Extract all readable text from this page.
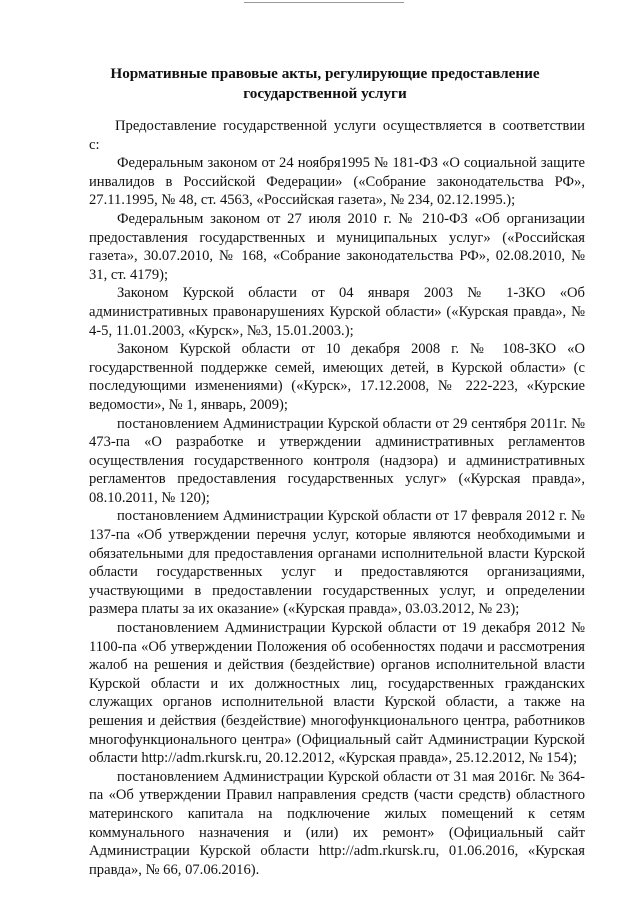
Нормативные правовые акты, регулирующие предоставление
государственной услуги

Предоставление государственной услуги осуществляется в соответствии с:

Федеральным законом от 24 ноября1995 № 181-ФЗ «О социальной защите инвалидов в Российской Федерации» («Собрание законодательства РФ», 27.11.1995, № 48, ст. 4563, «Российская газета», № 234, 02.12.1995.);

Федеральным законом от 27 июля 2010 г. № 210-ФЗ «Об организации предоставления государственных и муниципальных услуг» («Российская газета», 30.07.2010, № 168, «Собрание законодательства РФ», 02.08.2010, № 31, ст. 4179);

Законом Курской области от 04 января 2003 № 1-ЗКО «Об административных правонарушениях Курской области» («Курская правда», № 4-5, 11.01.2003, «Курск», №3, 15.01.2003.);

Законом Курской области от 10 декабря 2008 г. № 108-ЗКО «О государственной поддержке семей, имеющих детей, в Курской области» (с последующими изменениями) («Курск», 17.12.2008, № 222-223, «Курские ведомости», № 1, январь, 2009);

постановлением Администрации Курской области от 29 сентября 2011г. № 473-па «О разработке и утверждении административных регламентов осуществления государственного контроля (надзора) и административных регламентов предоставления государственных услуг» («Курская правда», 08.10.2011, № 120);

постановлением Администрации Курской области от 17 февраля 2012 г. № 137-па «Об утверждении перечня услуг, которые являются необходимыми и обязательными для предоставления органами исполнительной власти Курской области государственных услуг и предоставляются организациями, участвующими в предоставлении государственных услуг, и определении размера платы за их оказание» («Курская правда», 03.03.2012, № 23);

постановлением Администрации Курской области от 19 декабря 2012 № 1100-па «Об утверждении Положения об особенностях подачи и рассмотрения жалоб на решения и действия (бездействие) органов исполнительной власти Курской области и их должностных лиц, государственных гражданских служащих органов исполнительной власти Курской области, а также на решения и действия (бездействие) многофункционального центра, работников многофункционального центра» (Официальный сайт Администрации Курской области http://adm.rkursk.ru, 20.12.2012, «Курская правда», 25.12.2012, № 154);

постановлением Администрации Курской области от 31 мая 2016г. № 364-па «Об утверждении Правил направления средств (части средств) областного материнского капитала на подключение жилых помещений к сетям коммунального назначения и (или) их ремонт» (Официальный сайт Администрации Курской области http://adm.rkursk.ru, 01.06.2016, «Курская правда», № 66, 07.06.2016).
